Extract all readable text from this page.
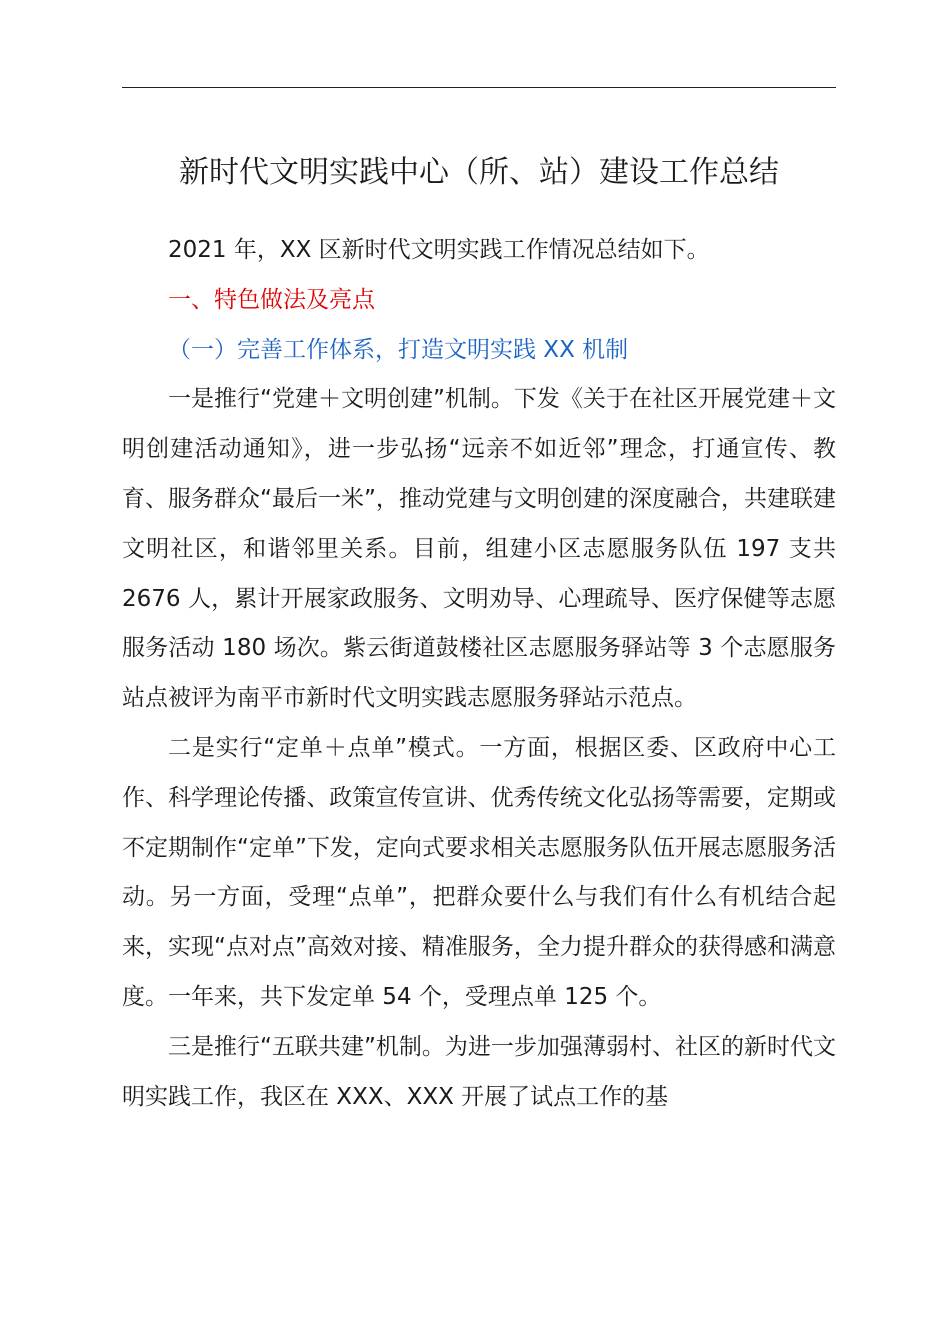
新时代文明实践中心（所、站）建设工作总结

2021 年，XX 区新时代文明实践工作情况总结如下。

一、特色做法及亮点

（一）完善工作体系，打造文明实践 XX 机制

一是推行“党建＋文明创建”机制。下发《关于在社区开展党建＋文明创建活动通知》，进一步弘扬“远亲不如近邻”理念，打通宣传、教育、服务群众“最后一米”，推动党建与文明创建的深度融合，共建联建文明社区，和谐邻里关系。目前，组建小区志愿服务队伍 197 支共 2676 人，累计开展家政服务、文明劝导、心理疏导、医疗保健等志愿服务活动 180 场次。紫云街道鼓楼社区志愿服务驿站等 3 个志愿服务站点被评为南平市新时代文明实践志愿服务驿站示范点。

二是实行“定单＋点单”模式。一方面，根据区委、区政府中心工作、科学理论传播、政策宣传宣讲、优秀传统文化弘扬等需要，定期或不定期制作“定单”下发，定向式要求相关志愿服务队伍开展志愿服务活动。另一方面，受理“点单”，把群众要什么与我们有什么有机结合起来，实现“点对点”高效对接、精准服务，全力提升群众的获得感和满意度。一年来，共下发定单 54 个，受理点单 125 个。

三是推行“五联共建”机制。为进一步加强薄弱村、社区的新时代文明实践工作，我区在 XXX、XXX 开展了试点工作的基
